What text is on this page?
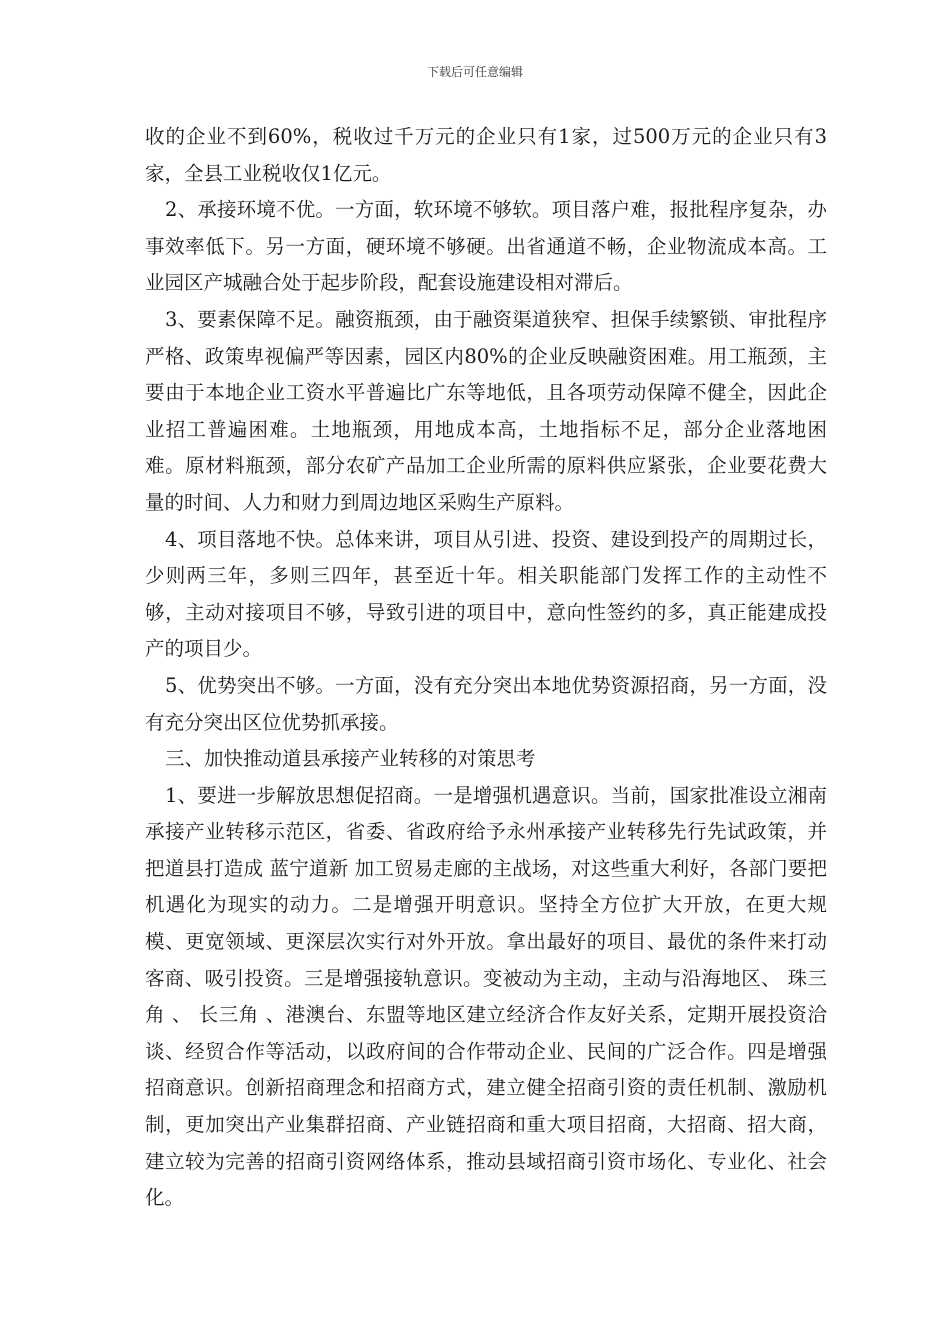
下载后可任意编辑

收的企业不到60%，税收过千万元的企业只有1家，过500万元的企业只有3家，全县工业税收仅1亿元。

2、承接环境不优。一方面，软环境不够软。项目落户难，报批程序复杂，办事效率低下。另一方面，硬环境不够硬。出省通道不畅，企业物流成本高。工业园区产城融合处于起步阶段，配套设施建设相对滞后。

3、要素保障不足。融资瓶颈，由于融资渠道狭窄、担保手续繁锁、审批程序严格、政策卑视偏严等因素，园区内80%的企业反映融资困难。用工瓶颈，主要由于本地企业工资水平普遍比广东等地低，且各项劳动保障不健全，因此企业招工普遍困难。土地瓶颈，用地成本高，土地指标不足，部分企业落地困难。原材料瓶颈，部分农矿产品加工企业所需的原料供应紧张，企业要花费大量的时间、人力和财力到周边地区采购生产原料。

4、项目落地不快。总体来讲，项目从引进、投资、建设到投产的周期过长，少则两三年，多则三四年，甚至近十年。相关职能部门发挥工作的主动性不够，主动对接项目不够，导致引进的项目中，意向性签约的多，真正能建成投产的项目少。

5、优势突出不够。一方面，没有充分突出本地优势资源招商，另一方面，没有充分突出区位优势抓承接。

三、加快推动道县承接产业转移的对策思考

1、要进一步解放思想促招商。一是增强机遇意识。当前，国家批准设立湘南承接产业转移示范区，省委、省政府给予永州承接产业转移先行先试政策，并把道县打造成 蓝宁道新 加工贸易走廊的主战场，对这些重大利好，各部门要把机遇化为现实的动力。二是增强开明意识。坚持全方位扩大开放，在更大规模、更宽领域、更深层次实行对外开放。拿出最好的项目、最优的条件来打动客商、吸引投资。三是增强接轨意识。变被动为主动，主动与沿海地区、 珠三角 、 长三角 、港澳台、东盟等地区建立经济合作友好关系，定期开展投资洽谈、经贸合作等活动，以政府间的合作带动企业、民间的广泛合作。四是增强招商意识。创新招商理念和招商方式，建立健全招商引资的责任机制、激励机制，更加突出产业集群招商、产业链招商和重大项目招商，大招商、招大商，建立较为完善的招商引资网络体系，推动县域招商引资市场化、专业化、社会化。
